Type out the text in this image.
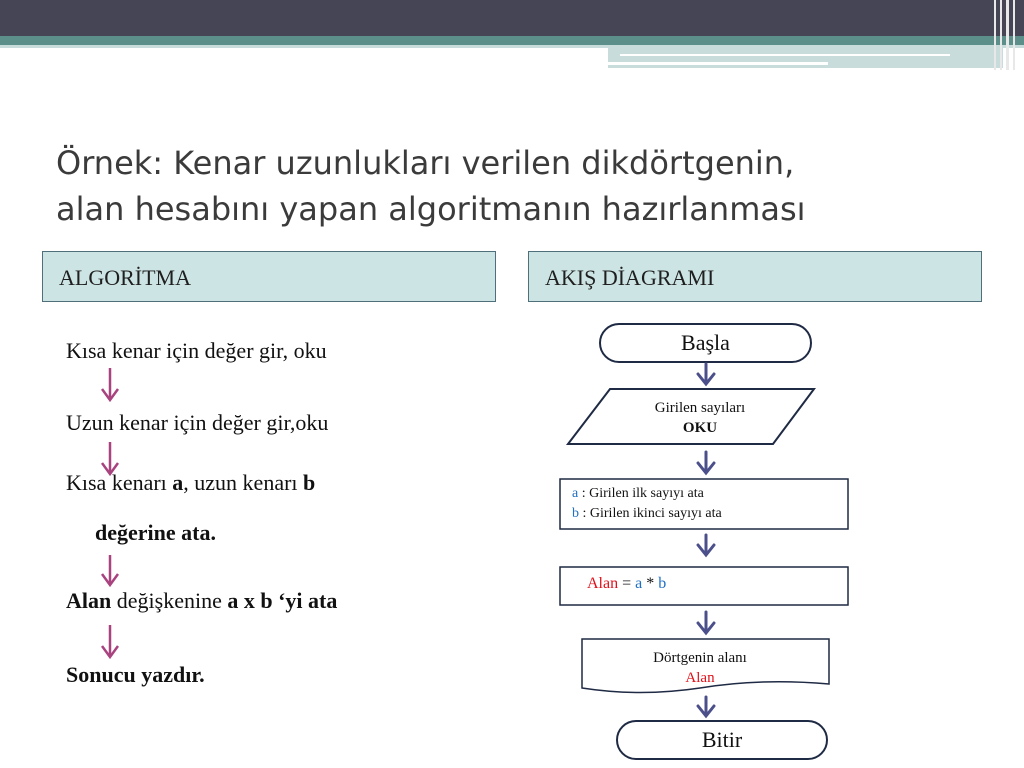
Örnek: Kenar uzunlukları verilen dikdörtgenin,
alan hesabını yapan algoritmanın hazırlanması
ALGORİTMA	AKIŞ DİAGRAMI
Kısa kenar için değer gir, oku
Uzun kenar için değer gir,oku
Kısa kenarı a, uzun kenarı b
değerine ata.
Alan değişkenine a x b ‘yi ata
Sonucu yazdır.
Başla
Girilen sayıları
OKU
a : Girilen ilk sayıyı ata
b : Girilen ikinci sayıyı ata
Alan = a * b
Dörtgenin alanı
Alan
Bitir
